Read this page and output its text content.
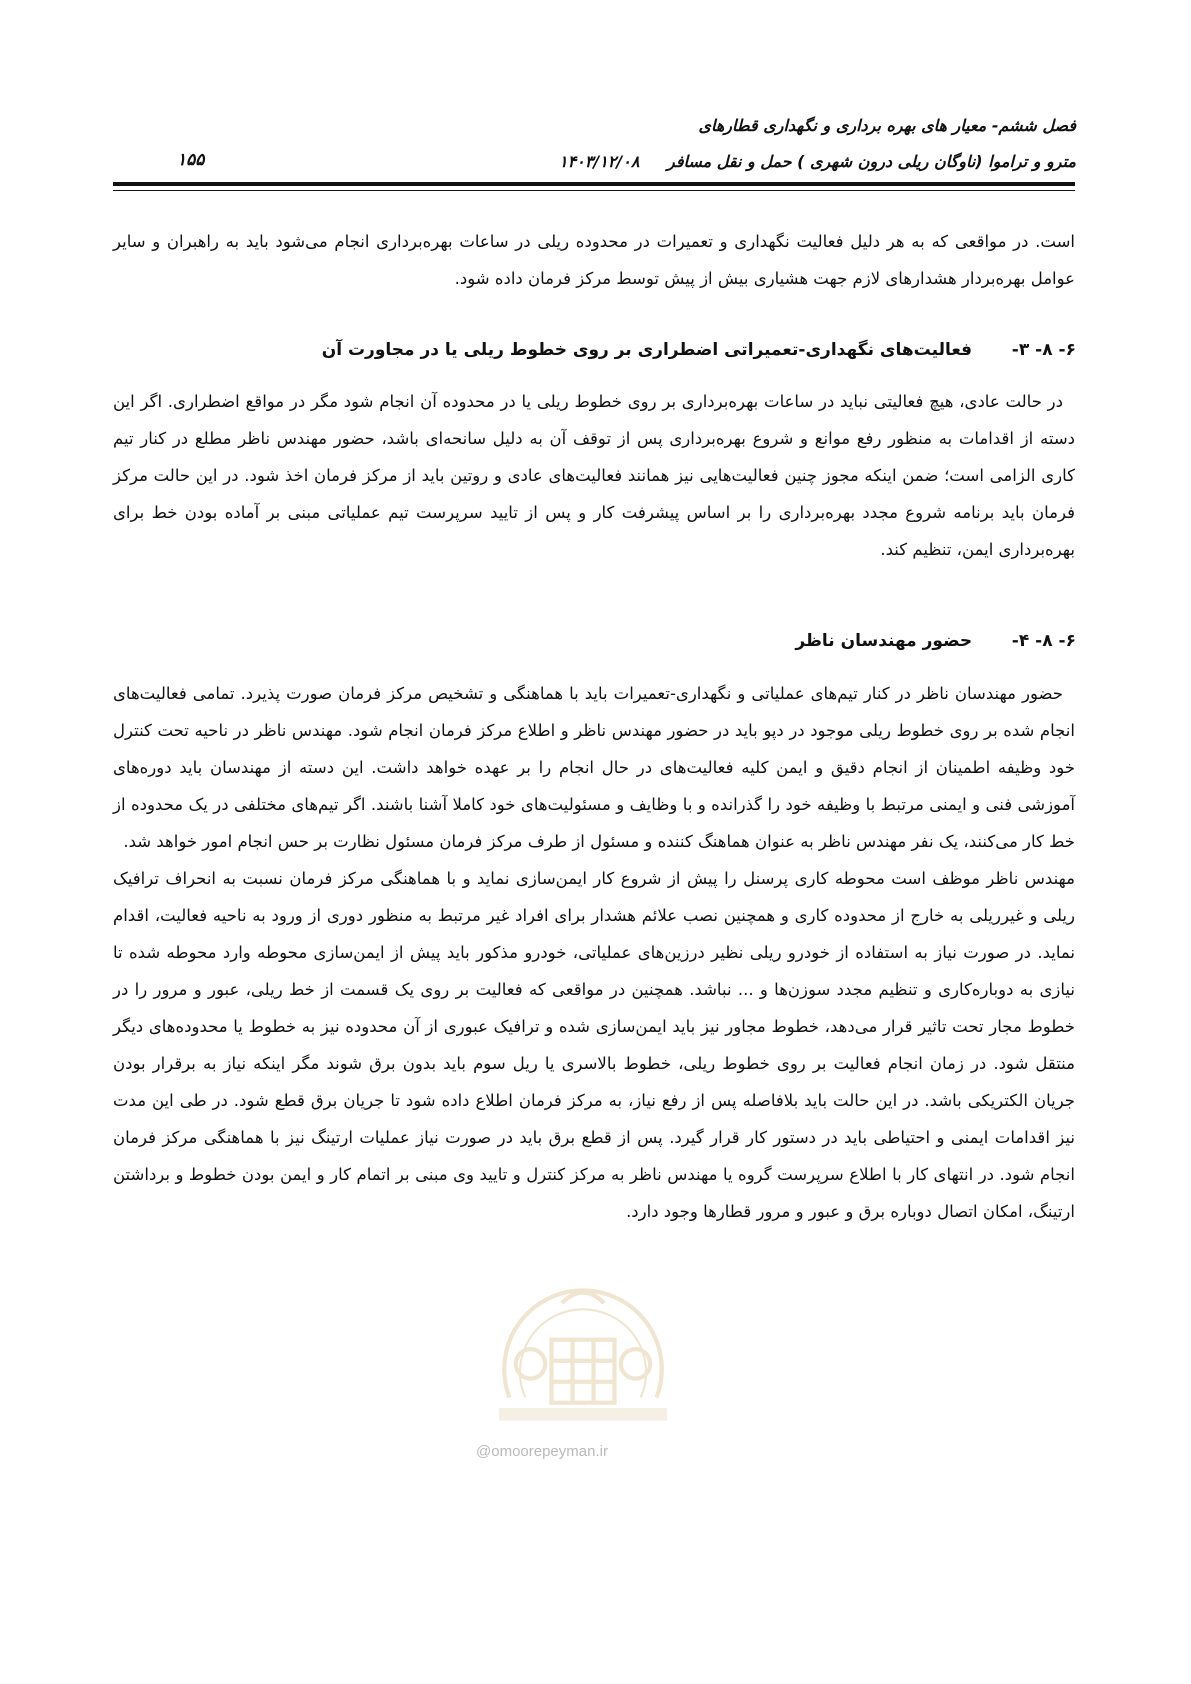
فصل ششم- معیار های بهره برداری و نگهداری قطارهای
مترو و تراموا (ناوگان ریلی درون شهری ) حمل و نقل مسافر ۱۴۰۳/۱۲/۰۸
۱۵۵

است. در مواقعی که به هر دلیل فعالیت نگهداری و تعمیرات در محدوده ریلی در ساعات بهره‌برداری انجام می‌شود باید به راهبران و سایر عوامل بهره‌بردار هشدارهای لازم جهت هشیاری بیش از پیش توسط مرکز فرمان داده شود.

۶- ۸- ۳- فعالیت‌های نگهداری-تعمیراتی اضطراری بر روی خطوط ریلی یا در مجاورت آن

در حالت عادی، هیچ فعالیتی نباید در ساعات بهره‌برداری بر روی خطوط ریلی یا در محدوده آن انجام شود مگر در مواقع اضطراری. اگر این دسته از اقدامات به منظور رفع موانع و شروع بهره‌برداری پس از توقف آن به دلیل سانحه‌ای باشد، حضور مهندس ناظر مطلع در کنار تیم کاری الزامی است؛ ضمن اینکه مجوز چنین فعالیت‌هایی نیز همانند فعالیت‌های عادی و روتین باید از مرکز فرمان اخذ شود. در این حالت مرکز فرمان باید برنامه شروع مجدد بهره‌برداری را بر اساس پیشرفت کار و پس از تایید سرپرست تیم عملیاتی مبنی بر آماده بودن خط برای بهره‌برداری ایمن، تنظیم کند.

۶- ۸- ۴- حضور مهندسان ناظر

حضور مهندسان ناظر در کنار تیم‌های عملیاتی و نگهداری-تعمیرات باید با هماهنگی و تشخیص مرکز فرمان صورت پذیرد. تمامی فعالیت‌های انجام شده بر روی خطوط ریلی موجود در دپو باید در حضور مهندس ناظر و اطلاع مرکز فرمان انجام شود. مهندس ناظر در ناحیه تحت کنترل خود وظیفه اطمینان از انجام دقیق و ایمن کلیه فعالیت‌های در حال انجام را بر عهده خواهد داشت. این دسته از مهندسان باید دوره‌های آموزشی فنی و ایمنی مرتبط با وظیفه خود را گذرانده و با وظایف و مسئولیت‌های خود کاملا آشنا باشند. اگر تیم‌های مختلفی در یک محدوده از خط کار می‌کنند، یک نفر مهندس ناظر به عنوان هماهنگ کننده و مسئول از طرف مرکز فرمان مسئول نظارت بر حس انجام امور خواهد شد.

مهندس ناظر موظف است محوطه کاری پرسنل را پیش از شروع کار ایمن‌سازی نماید و با هماهنگی مرکز فرمان نسبت به انحراف ترافیک ریلی و غیرریلی به خارج از محدوده کاری و همچنین نصب علائم هشدار برای افراد غیر مرتبط به منظور دوری از ورود به ناحیه فعالیت، اقدام نماید. در صورت نیاز به استفاده از خودرو ریلی نظیر درزین‌های عملیاتی، خودرو مذکور باید پیش از ایمن‌سازی محوطه وارد محوطه شده تا نیازی به دوباره‌کاری و تنظیم مجدد سوزن‌ها و ... نباشد. همچنین در مواقعی که فعالیت بر روی یک قسمت از خط ریلی، عبور و مرور را در خطوط مجار تحت تاثیر قرار می‌دهد، خطوط مجاور نیز باید ایمن‌سازی شده و ترافیک عبوری از آن محدوده نیز به خطوط یا محدوده‌های دیگر منتقل شود. در زمان انجام فعالیت بر روی خطوط ریلی، خطوط بالاسری یا ریل سوم باید بدون برق شوند مگر اینکه نیاز به برقرار بودن جریان الکتریکی باشد. در این حالت باید بلافاصله پس از رفع نیاز، به مرکز فرمان اطلاع داده شود تا جریان برق قطع شود. در طی این مدت نیز اقدامات ایمنی و احتیاطی باید در دستور کار قرار گیرد. پس از قطع برق باید در صورت نیاز عملیات ارتینگ نیز با هماهنگی مرکز فرمان انجام شود. در انتهای کار با اطلاع سرپرست گروه یا مهندس ناظر به مرکز کنترل و تایید وی مبنی بر اتمام کار و ایمن بودن خطوط و برداشتن ارتینگ، امکان اتصال دوباره برق و عبور و مرور قطارها وجود دارد.

@omoorepeyman.ir
